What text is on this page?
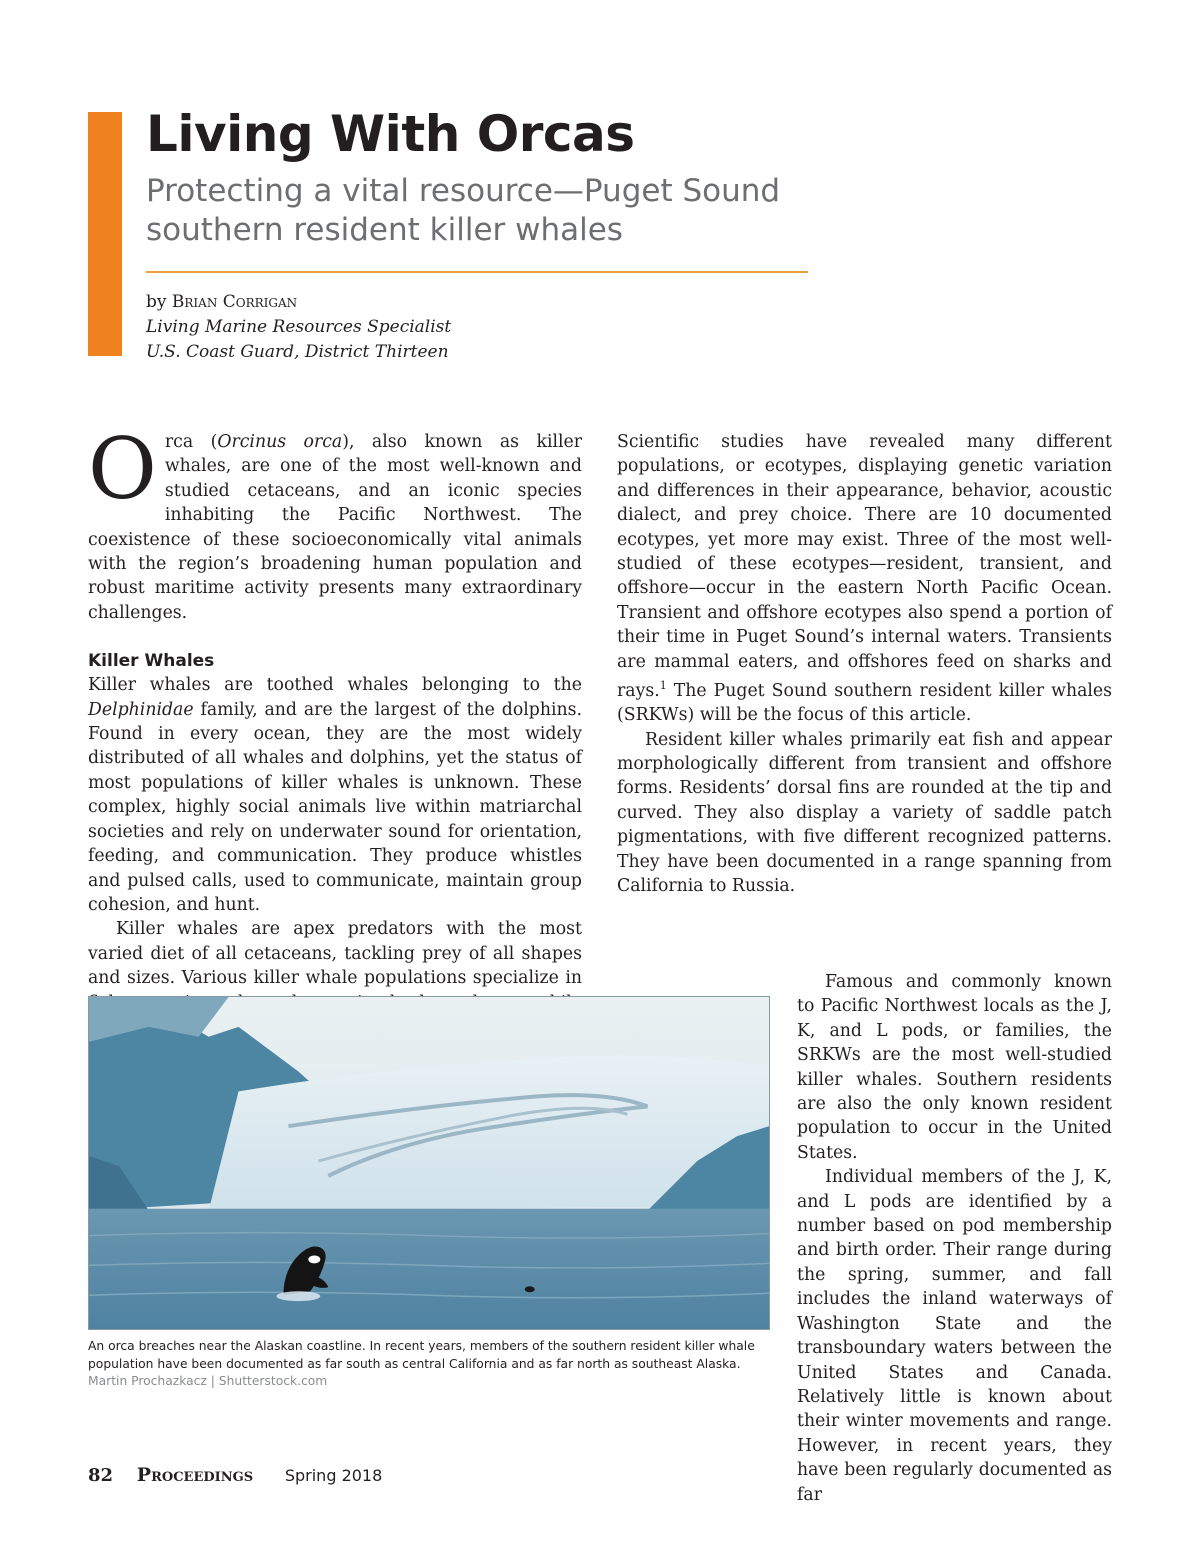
Living With Orcas
Protecting a vital resource—Puget Sound southern resident killer whales
by Brian Corrigan
Living Marine Resources Specialist
U.S. Coast Guard, District Thirteen

Orca (Orcinus orca), also known as killer whales, are one of the most well-known and studied cetaceans, and an iconic species inhabiting the Pacific Northwest. The coexistence of these socioeconomically vital animals with the region’s broadening human population and robust maritime activity presents many extraordinary challenges.

Killer Whales

Killer whales are toothed whales belonging to the Delphinidae family, and are the largest of the dolphins. Found in every ocean, they are the most widely distributed of all whales and dolphins, yet the status of most populations of killer whales is unknown. These complex, highly social animals live within matriarchal societies and rely on underwater sound for orientation, feeding, and communication. They produce whistles and pulsed calls, used to communicate, maintain group cohesion, and hunt.

Killer whales are apex predators with the most varied diet of all cetaceans, tackling prey of all shapes and sizes. Various killer whale populations specialize in

Scientific studies have revealed many different populations, or ecotypes, displaying genetic variation and differences in their appearance, behavior, acoustic dialect, and prey choice. There are 10 documented ecotypes, yet more may exist. Three of the most well-studied of these ecotypes—resident, transient, and offshore—occur in the eastern North Pacific Ocean. Transient and offshore ecotypes also spend a portion of their time in Puget Sound’s internal waters. Transients are mammal eaters, and offshores feed on sharks and rays.

$^1$ The Puget Sound southern resident killer whales (SRKWs) will be the focus of this article.

Resident killer whales primarily eat fish and appear morphologically different from transient and offshore forms. Residents’ dorsal fins are rounded at the tip and curved. They also display a variety of saddle patch pigmentations, with five different recognized patterns. They have been documented in a range spanning from California to Russia.

Famous and commonly known to Pacific Northwest locals as the J, K, and L pods, or families, the SRKWs are the most well-studied killer whales. Southern residents are also the only known resident population to occur in the United States.

Individual members of the J, K, and L pods are identified by a number based on pod membership and birth order. Their range during the spring, summer, and fall includes the inland waterways of Washington State and the transboundary waters between the United States and Canada. Relatively little is known about their winter movements and range. However, in recent years, they have been regularly documented as far

An orca breaches near the Alaskan coastline. In recent years, members of the southern resident killer whale population have been documented as far south as central California and as far north as southeast Alaska.
Martin Prochazkacz | Shutterstock.com
82 Proceedings Spring 2018
